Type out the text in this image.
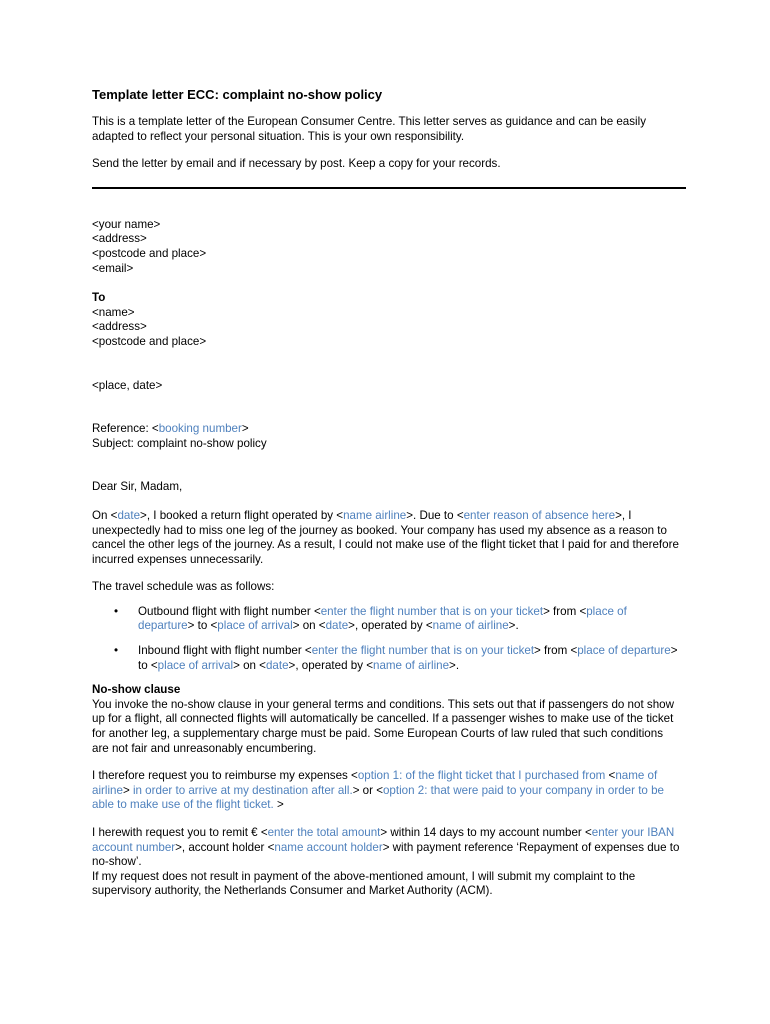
Template letter ECC: complaint no-show policy

This is a template letter of the European Consumer Centre. This letter serves as guidance and can be easily adapted to reflect your personal situation. This is your own responsibility.

Send the letter by email and if necessary by post. Keep a copy for your records.

<your name>
<address>
<postcode and place>
<email>
To
<name>
<address>
<postcode and place>
<place, date>
Reference: <booking number>
Subject: complaint no-show policy
Dear Sir, Madam,

On <date>, I booked a return flight operated by <name airline>. Due to <enter reason of absence here>, I unexpectedly had to miss one leg of the journey as booked. Your company has used my absence as a reason to cancel the other legs of the journey. As a result, I could not make use of the flight ticket that I paid for and therefore incurred expenses unnecessarily.

The travel schedule was as follows:

• Outbound flight with flight number <enter the flight number that is on your ticket> from <place of departure> to <place of arrival> on <date>, operated by <name of airline>.
• Inbound flight with flight number <enter the flight number that is on your ticket> from <place of departure> to <place of arrival> on <date>, operated by <name of airline>.
No-show clause

You invoke the no-show clause in your general terms and conditions. This sets out that if passengers do not show up for a flight, all connected flights will automatically be cancelled. If a passenger wishes to make use of the ticket for another leg, a supplementary charge must be paid. Some European Courts of law ruled that such conditions are not fair and unreasonably encumbering.

I therefore request you to reimburse my expenses <option 1: of the flight ticket that I purchased from <name of airline> in order to arrive at my destination after all.> or <option 2: that were paid to your company in order to be able to make use of the flight ticket. >

I herewith request you to remit € <enter the total amount> within 14 days to my account number <enter your IBAN account number>, account holder <name account holder> with payment reference ‘Repayment of expenses due to no-show’.

If my request does not result in payment of the above-mentioned amount, I will submit my complaint to the supervisory authority, the Netherlands Consumer and Market Authority (ACM).
